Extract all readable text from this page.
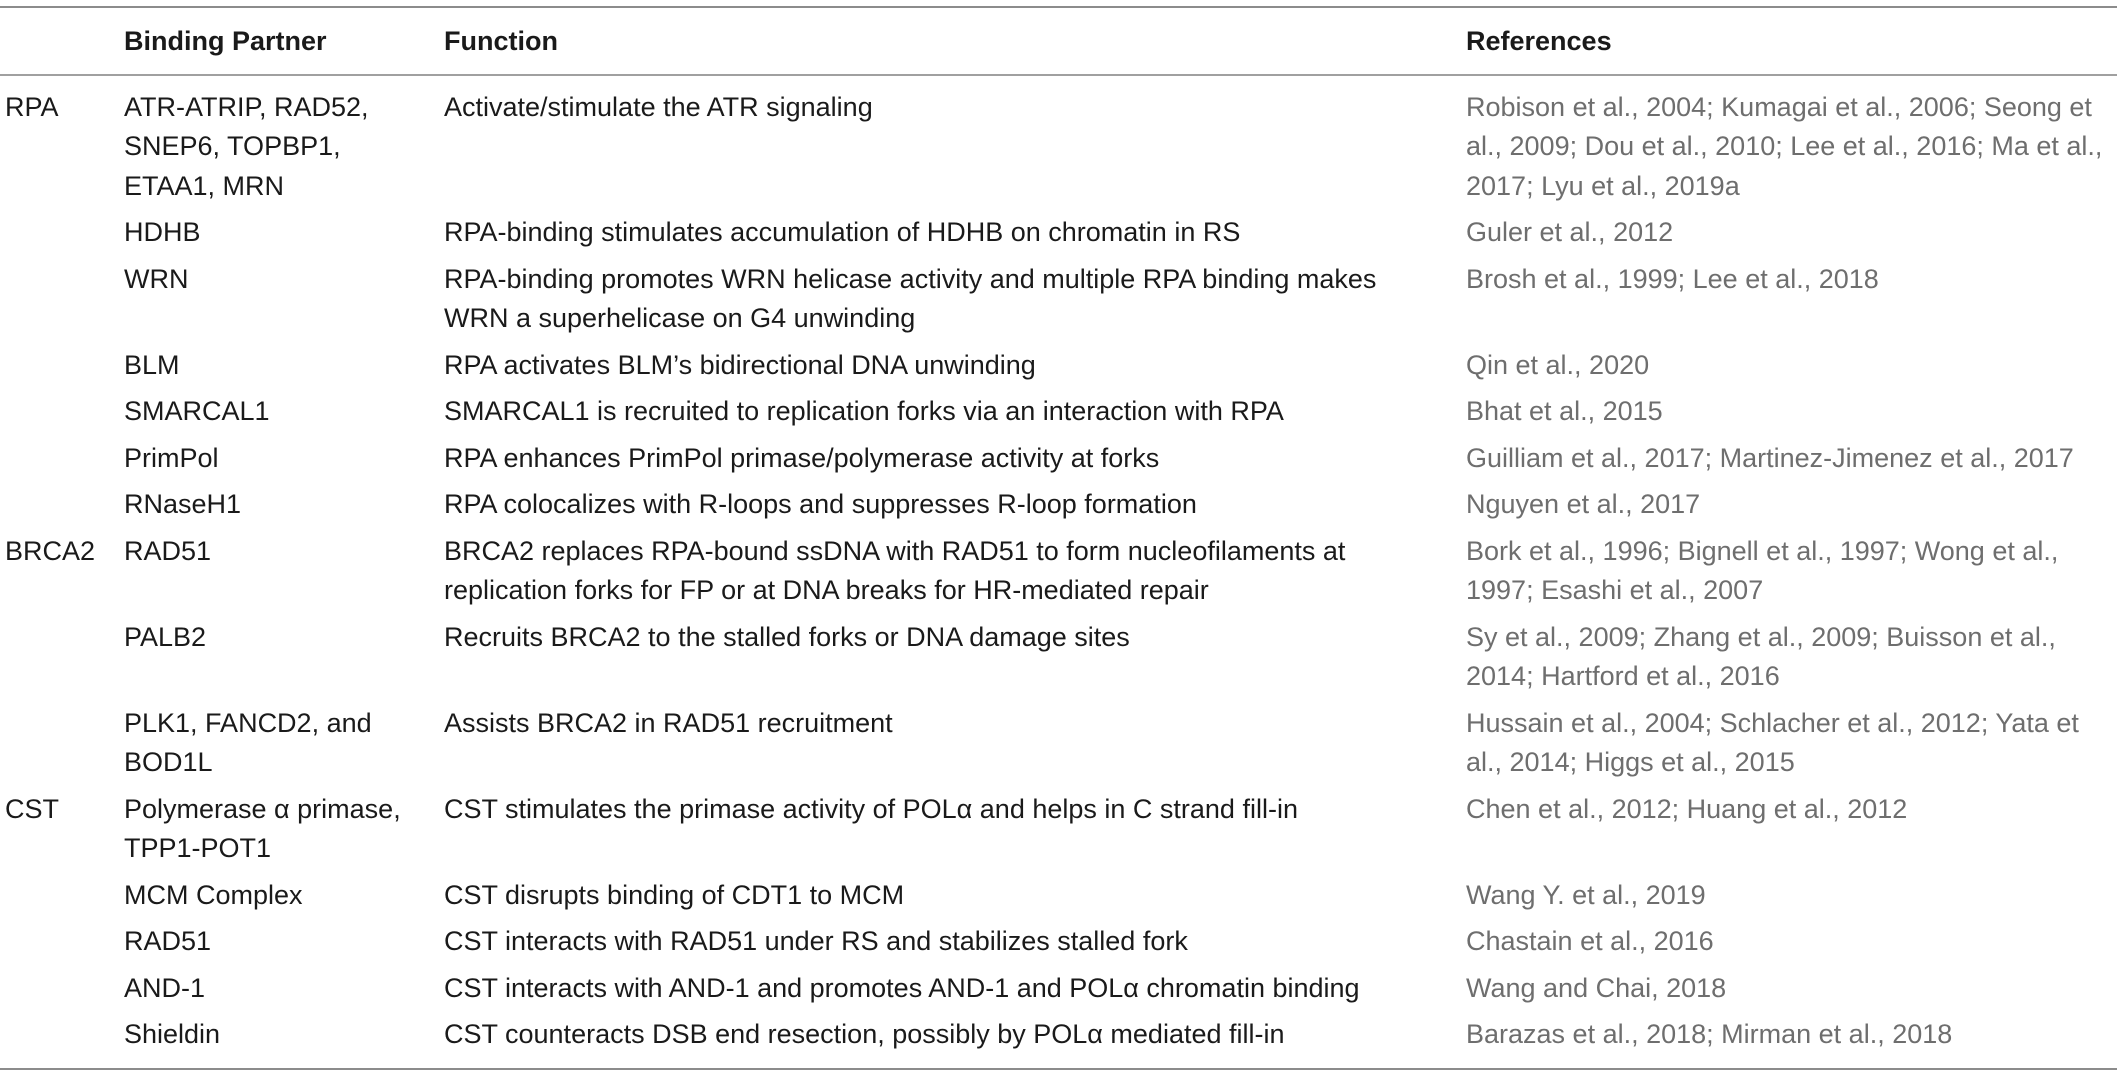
	Binding Partner	Function	References
RPA	ATR-ATRIP, RAD52, SNEP6, TOPBP1, ETAA1, MRN	Activate/stimulate the ATR signaling	Robison et al., 2004; Kumagai et al., 2006; Seong et al., 2009; Dou et al., 2010; Lee et al., 2016; Ma et al., 2017; Lyu et al., 2019a
	HDHB	RPA-binding stimulates accumulation of HDHB on chromatin in RS	Guler et al., 2012
	WRN	RPA-binding promotes WRN helicase activity and multiple RPA binding makes WRN a superhelicase on G4 unwinding	Brosh et al., 1999; Lee et al., 2018
	BLM	RPA activates BLM’s bidirectional DNA unwinding	Qin et al., 2020
	SMARCAL1	SMARCAL1 is recruited to replication forks via an interaction with RPA	Bhat et al., 2015
	PrimPol	RPA enhances PrimPol primase/polymerase activity at forks	Guilliam et al., 2017; Martinez-Jimenez et al., 2017
	RNaseH1	RPA colocalizes with R-loops and suppresses R-loop formation	Nguyen et al., 2017
BRCA2	RAD51	BRCA2 replaces RPA-bound ssDNA with RAD51 to form nucleofilaments at replication forks for FP or at DNA breaks for HR-mediated repair	Bork et al., 1996; Bignell et al., 1997; Wong et al., 1997; Esashi et al., 2007
	PALB2	Recruits BRCA2 to the stalled forks or DNA damage sites	Sy et al., 2009; Zhang et al., 2009; Buisson et al., 2014; Hartford et al., 2016
	PLK1, FANCD2, and BOD1L	Assists BRCA2 in RAD51 recruitment	Hussain et al., 2004; Schlacher et al., 2012; Yata et al., 2014; Higgs et al., 2015
CST	Polymerase α primase, TPP1-POT1	CST stimulates the primase activity of POLα and helps in C strand fill-in	Chen et al., 2012; Huang et al., 2012
	MCM Complex	CST disrupts binding of CDT1 to MCM	Wang Y. et al., 2019
	RAD51	CST interacts with RAD51 under RS and stabilizes stalled fork	Chastain et al., 2016
	AND-1	CST interacts with AND-1 and promotes AND-1 and POLα chromatin binding	Wang and Chai, 2018
	Shieldin	CST counteracts DSB end resection, possibly by POLα mediated fill-in	Barazas et al., 2018; Mirman et al., 2018
